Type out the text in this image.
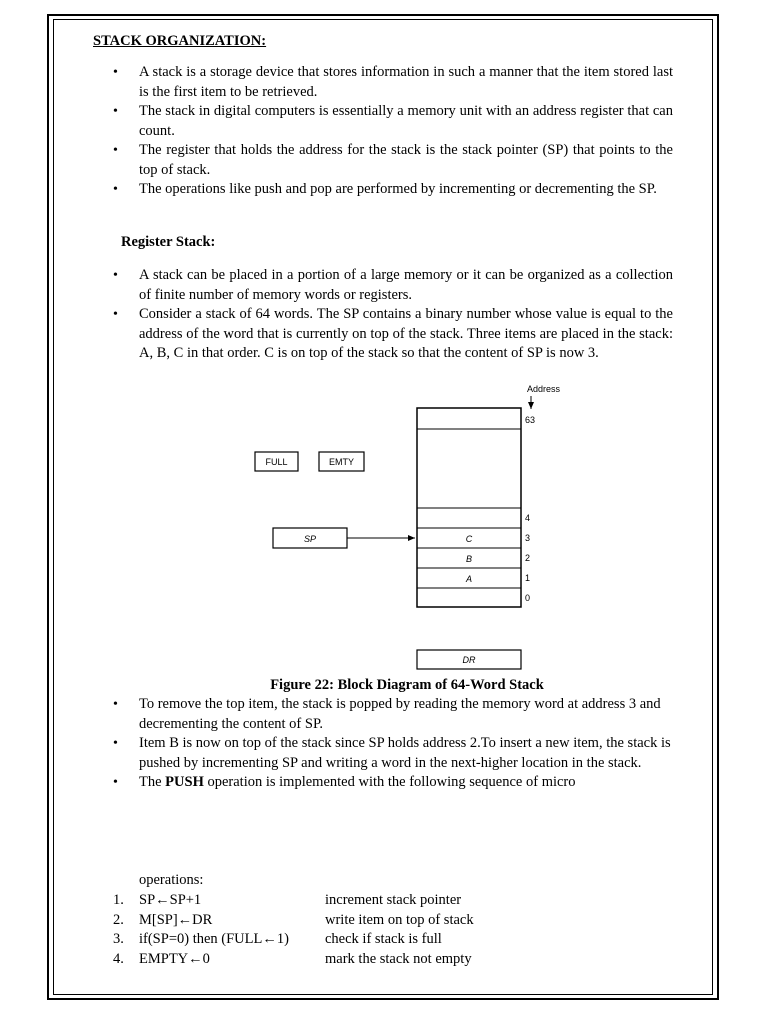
STACK ORGANIZATION:
• A stack is a storage device that stores information in such a manner that the item stored last is the first item to be retrieved.
• The stack in digital computers is essentially a memory unit with an address register that can count.
• The register that holds the address for the stack is the stack pointer (SP) that points to the top of stack.
• The operations like push and pop are performed by incrementing or decrementing the SP.
Register Stack:
• A stack can be placed in a portion of a large memory or it can be organized as a collection of finite number of memory words or registers.
• Consider a stack of 64 words. The SP contains a binary number whose value is equal to the address of the word that is currently on top of the stack. Three items are placed in the stack: A, B, C in that order. C is on top of the stack so that the content of SP is now 3.
Address
C
B
A
63
4
3
2
1
0
FULL	EMTY
SP
DR

Figure 22: Block Diagram of 64-Word Stack

• To remove the top item, the stack is popped by reading the memory word at address 3 and decrementing the content of SP.
• Item B is now on top of the stack since SP holds address 2.To insert a new item, the stack is pushed by incrementing SP and writing a word in the next-higher location in the stack.
• The PUSH operation is implemented with the following sequence of micro
operations:
1. SP←SP+1	increment stack pointer
2. M[SP]←DR	write item on top of stack
3. if(SP=0) then (FULL←1) check if stack is full
4. EMPTY←0	mark the stack not empty
